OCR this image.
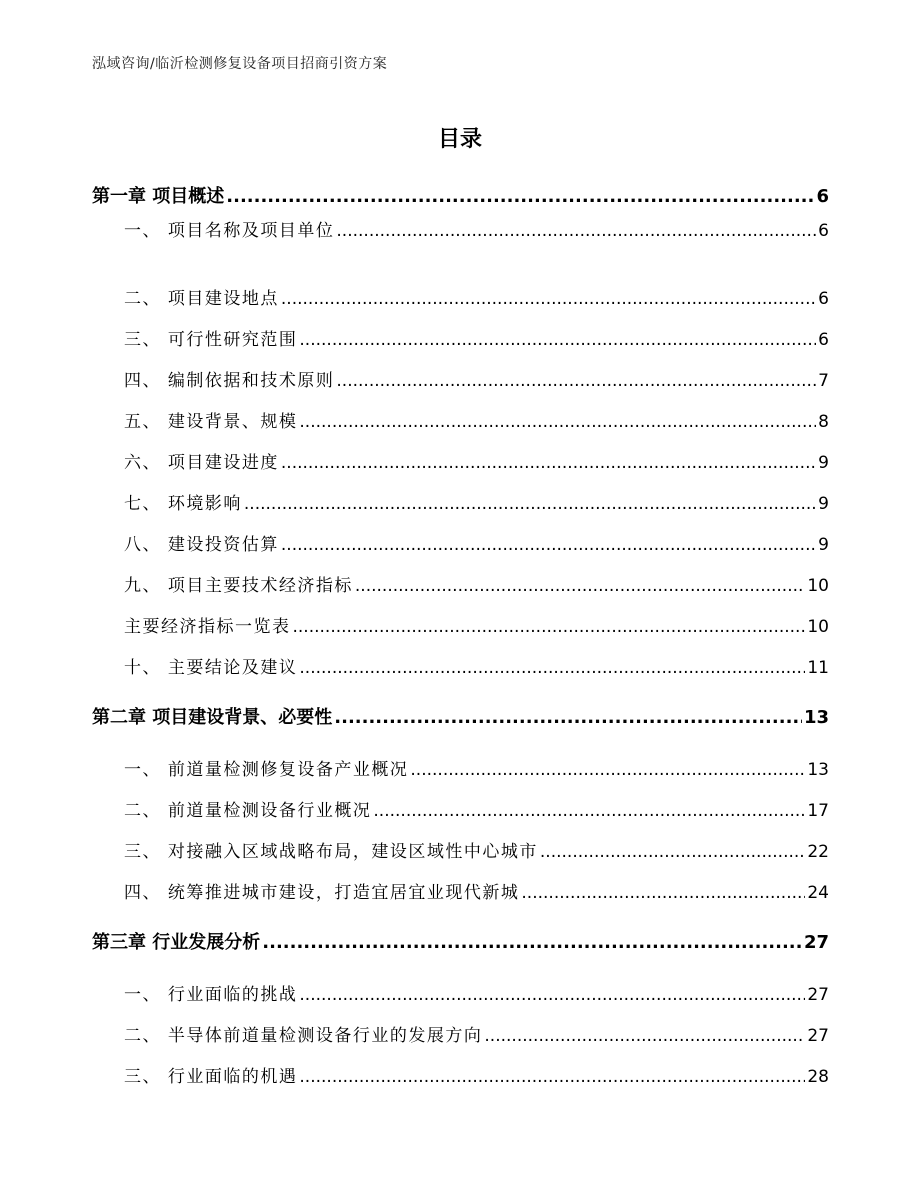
泓域咨询/临沂检测修复设备项目招商引资方案
目录
第一章 项目概述 .....	6
一、 项目名称及项目单位 .....	6
二、 项目建设地点 .....	6
三、 可行性研究范围 .....	6
四、 编制依据和技术原则 .....	7
五、 建设背景、规模 .....	8
六、 项目建设进度 .....	9
七、 环境影响 .....	9
八、 建设投资估算 .....	9
九、 项目主要技术经济指标 .....	10
主要经济指标一览表 .....	10
十、 主要结论及建议 .....	11
第二章 项目建设背景、必要性 .....	13
一、 前道量检测修复设备产业概况 .....	13
二、 前道量检测设备行业概况 .....	17
三、 对接融入区域战略布局，建设区域性中心城市 .....	22
四、 统筹推进城市建设，打造宜居宜业现代新城 .....	24
第三章 行业发展分析 .....	27
一、 行业面临的挑战 .....	27
二、 半导体前道量检测设备行业的发展方向 .....	27
三、 行业面临的机遇 .....	28
